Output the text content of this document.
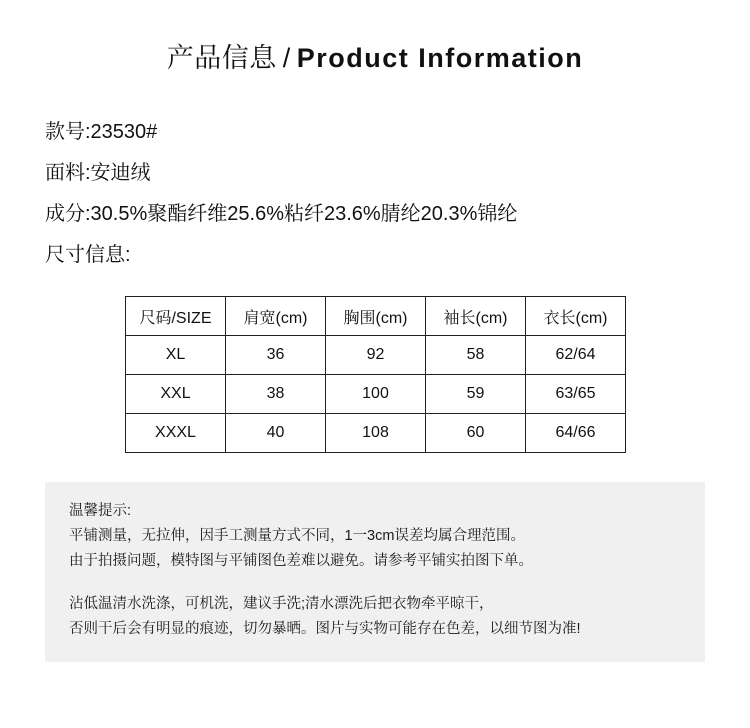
产品信息 / Product Information
款号:23530#
面料:安迪绒
成分:30.5%聚酯纤维25.6%粘纤23.6%腈纶20.3%锦纶
尺寸信息:
尺码/SIZE	肩宽(cm)	胸围(cm)	袖长(cm)	衣长(cm)
XL	36	92	58	62/64
XXL	38	100	59	63/65
XXXL	40	108	60	64/66
温馨提示:
平铺测量，无拉伸，因手工测量方式不同，1一3cm误差均属合理范围。
由于拍摄问题，模特图与平铺图色差难以避免。请参考平铺实拍图下单。
沾低温清水洗涤，可机洗，建议手洗;清水漂洗后把衣物牵平晾干，
否则干后会有明显的痕迹，切勿暴晒。图片与实物可能存在色差，以细节图为准!
